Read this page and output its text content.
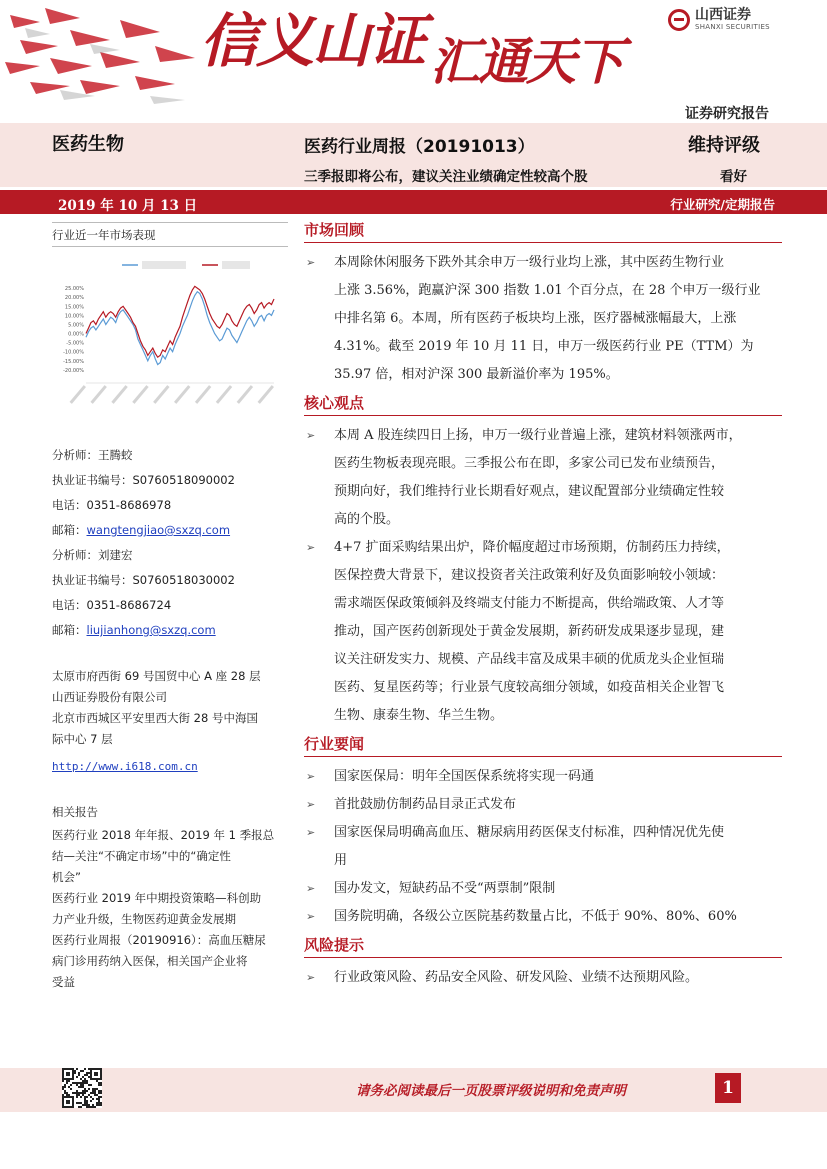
信义山证 汇通天下
山西证券
SHANXI SECURITIES
证券研究报告
医药生物	医药行业周报（20191013）	维持评级
三季报即将公布，建议关注业绩确定性较高个股	看好
2019 年 10 月 13 日	行业研究/定期报告
行业近一年市场表现
25.00%
20.00%
15.00%
10.00%
5.00%
0.00%
-5.00%
-10.00%
-15.00%
-20.00%
分析师：王腾蛟
执业证书编号：S0760518090002
电话：0351-8686978
邮箱：wangtengjiao@sxzq.com
分析师：刘建宏
执业证书编号：S0760518030002
电话：0351-8686724
邮箱：liujianhong@sxzq.com
太原市府西街 69 号国贸中心 A 座 28 层
山西证券股份有限公司
北京市西城区平安里西大街 28 号中海国
际中心 7 层
http://www.i618.com.cn
相关报告
医药行业 2018 年年报、2019 年 1 季报总
结—关注“不确定市场”中的“确定性
机会”
医药行业 2019 年中期投资策略—科创助
力产业升级，生物医药迎黄金发展期
医药行业周报（20190916）：高血压糖尿
病门诊用药纳入医保，相关国产企业将
受益
市场回顾
➢ 本周除休闲服务下跌外其余申万一级行业均上涨，其中医药生物行业
上涨 3.56%，跑赢沪深 300 指数 1.01 个百分点，在 28 个申万一级行业
中排名第 6。本周，所有医药子板块均上涨，医疗器械涨幅最大，上涨
4.31%。截至 2019 年 10 月 11 日，申万一级医药行业 PE（TTM）为
35.97 倍，相对沪深 300 最新溢价率为 195%。
核心观点
➢ 本周 A 股连续四日上扬，申万一级行业普遍上涨，建筑材料领涨两市，
医药生物板表现亮眼。三季报公布在即，多家公司已发布业绩预告，
预期向好，我们维持行业长期看好观点，建议配置部分业绩确定性较
高的个股。
➢ 4+7 扩面采购结果出炉，降价幅度超过市场预期，仿制药压力持续，
医保控费大背景下，建议投资者关注政策利好及负面影响较小领域：
需求端医保政策倾斜及终端支付能力不断提高，供给端政策、人才等
推动，国产医药创新现处于黄金发展期，新药研发成果逐步显现，建
议关注研发实力、规模、产品线丰富及成果丰硕的优质龙头企业恒瑞
医药、复星医药等；行业景气度较高细分领域，如疫苗相关企业智飞
生物、康泰生物、华兰生物。
行业要闻
➢ 国家医保局：明年全国医保系统将实现一码通
➢ 首批鼓励仿制药品目录正式发布
➢ 国家医保局明确高血压、糖尿病用药医保支付标准，四种情况优先使
用
➢ 国办发文，短缺药品不受“两票制”限制
➢ 国务院明确，各级公立医院基药数量占比，不低于 90%、80%、60%
风险提示
➢ 行业政策风险、药品安全风险、研发风险、业绩不达预期风险。
请务必阅读最后一页股票评级说明和免责声明	1
